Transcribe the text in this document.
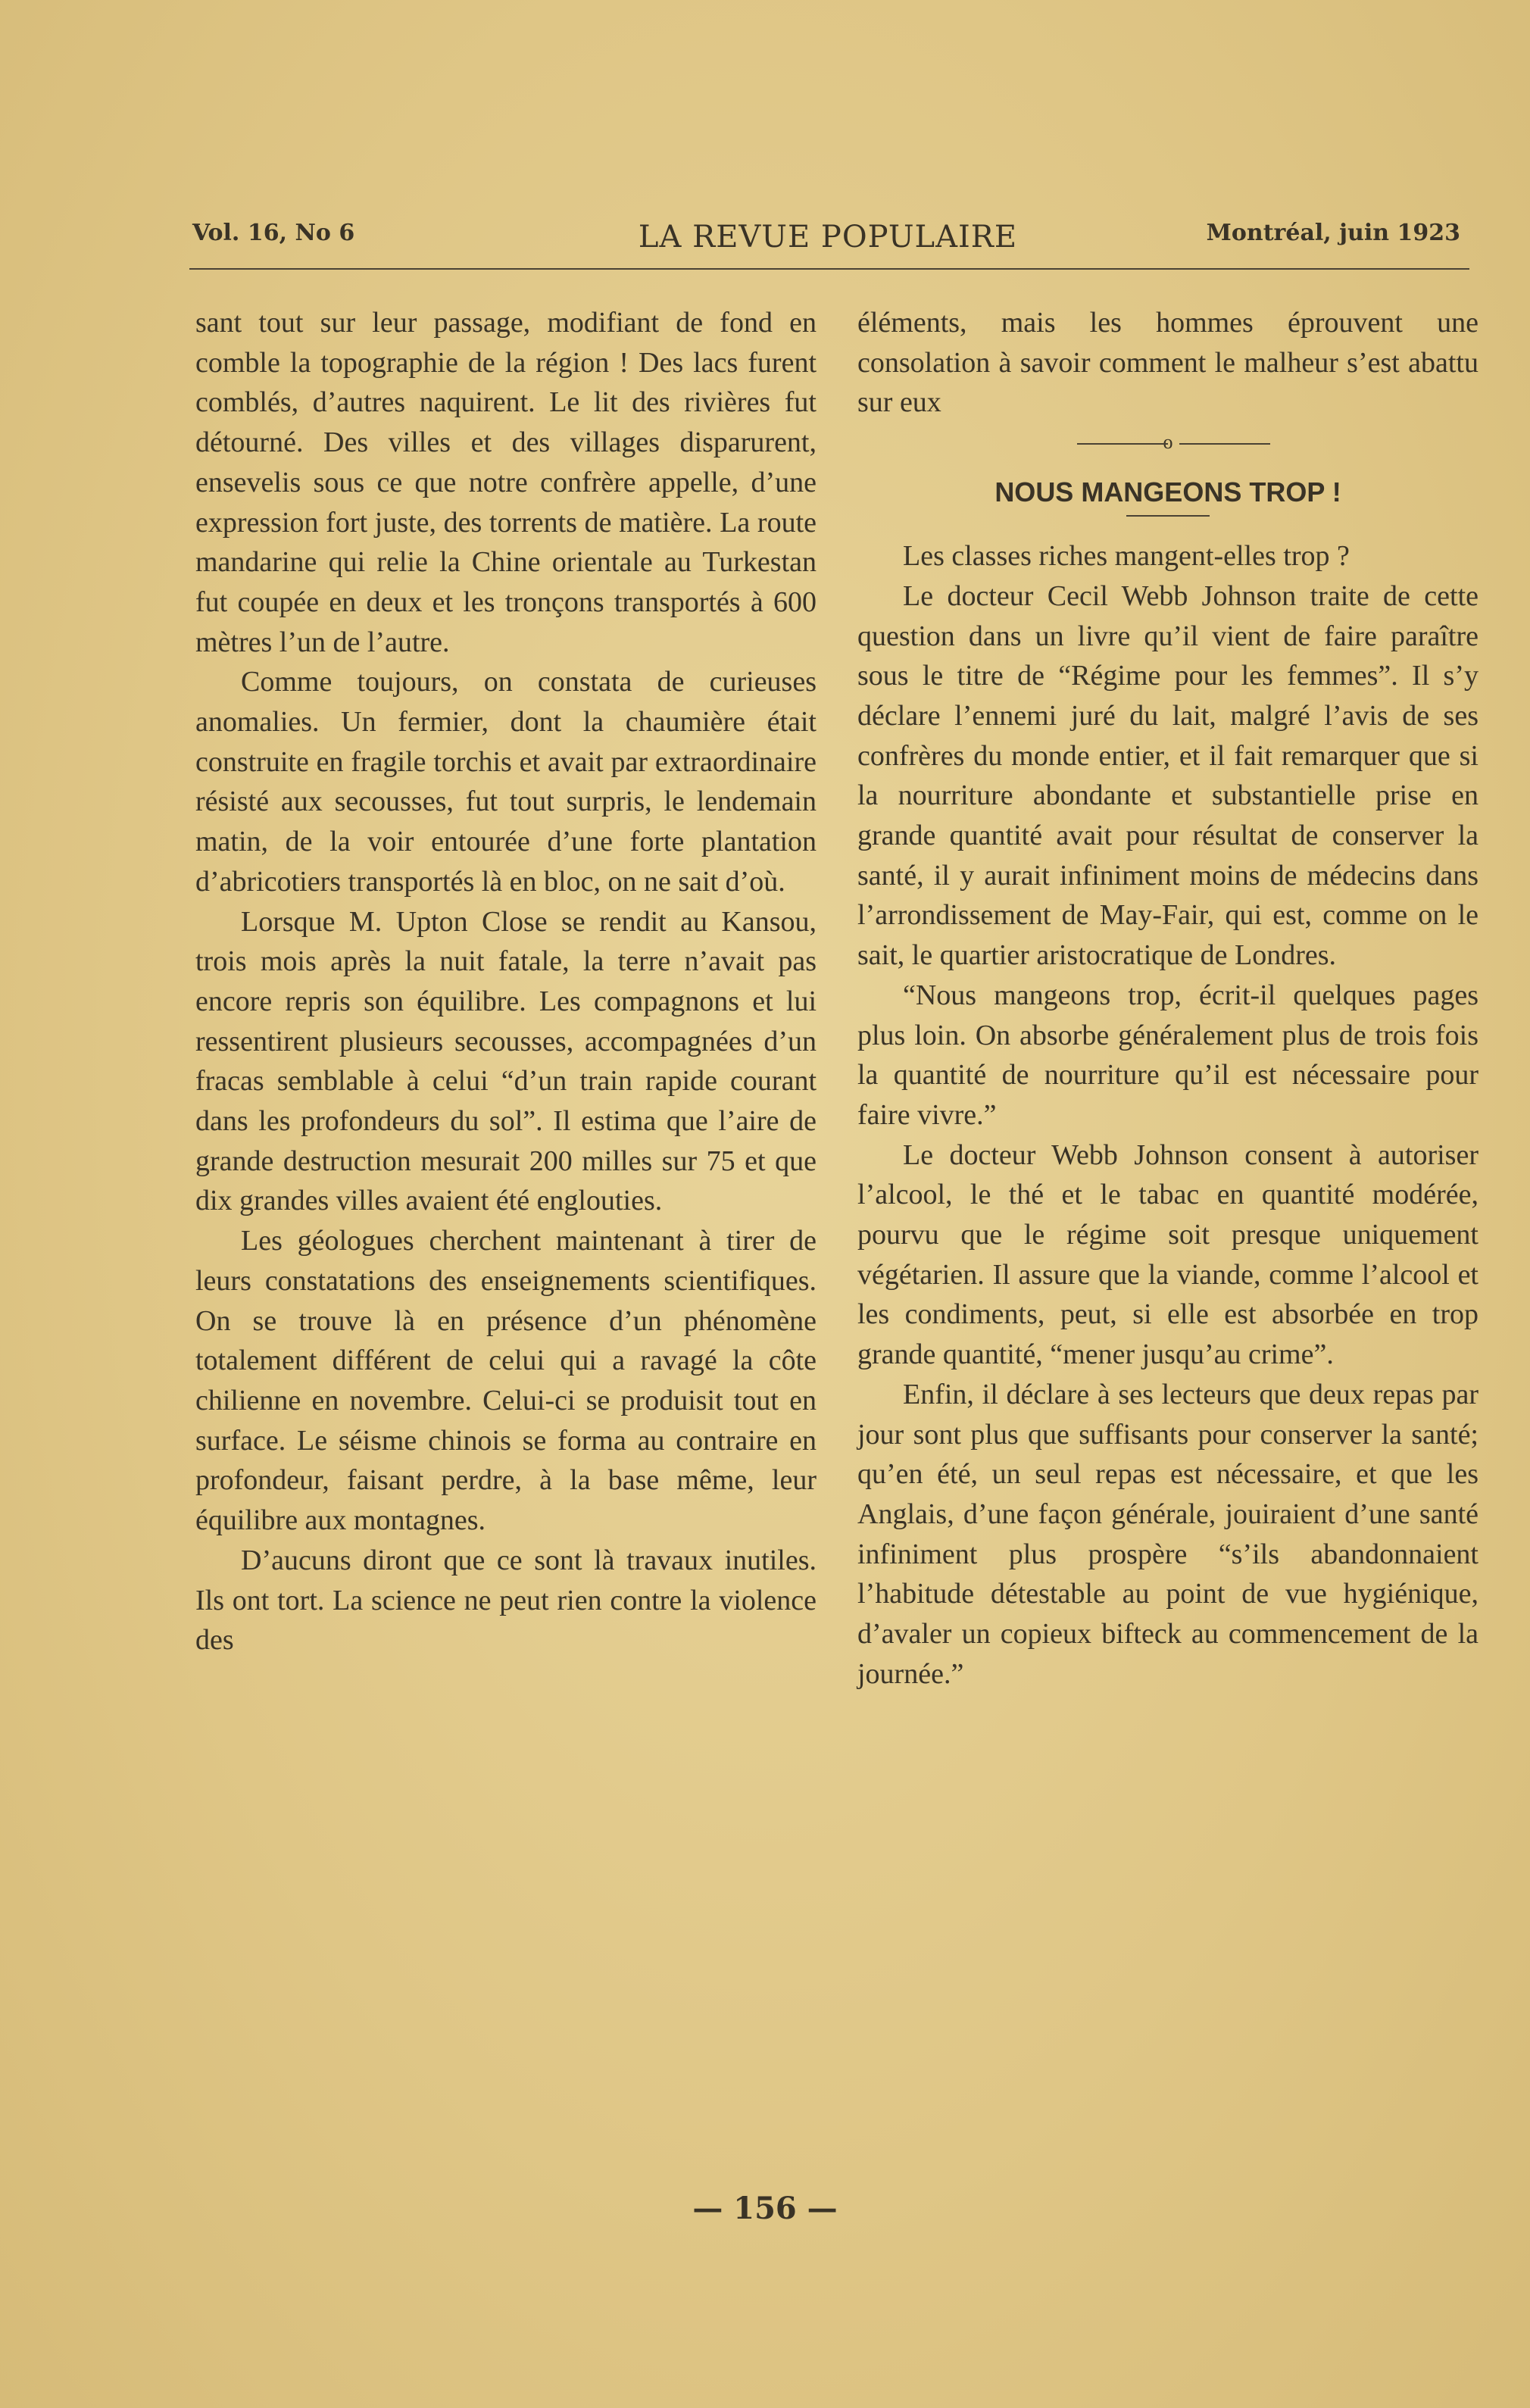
Vol. 16, No 6	LA REVUE POPULAIRE	Montréal, juin 1923

sant tout sur leur passage, modifiant de fond en comble la topographie de la région ! Des lacs furent comblés, d’autres naquirent. Le lit des rivières fut détourné. Des villes et des villages disparurent, ensevelis sous ce que notre confrère appelle, d’une expression fort juste, des torrents de matière. La route mandarine qui relie la Chine orientale au Turkestan fut coupée en deux et les tronçons transportés à 600 mètres l’un de l’autre.

Comme toujours, on constata de curieuses anomalies. Un fermier, dont la chaumière était construite en fragile torchis et avait par extraordinaire résisté aux secousses, fut tout surpris, le lendemain matin, de la voir entourée d’une forte plantation d’abricotiers transportés là en bloc, on ne sait d’où.

Lorsque M. Upton Close se rendit au Kansou, trois mois après la nuit fatale, la terre n’avait pas encore repris son équilibre. Les compagnons et lui ressentirent plusieurs secousses, accompagnées d’un fracas semblable à celui “d’un train rapide courant dans les profondeurs du sol”. Il estima que l’aire de grande destruction mesurait 200 milles sur 75 et que dix grandes villes avaient été englouties.

Les géologues cherchent maintenant à tirer de leurs constatations des enseignements scientifiques. On se trouve là en présence d’un phénomène totalement différent de celui qui a ravagé la côte chilienne en novembre. Celui-ci se produisit tout en surface. Le séisme chinois se forma au contraire en profondeur, faisant perdre, à la base même, leur équilibre aux montagnes.

D’aucuns diront que ce sont là travaux inutiles. Ils ont tort. La science ne peut rien contre la violence des

éléments, mais les hommes éprouvent une consolation à savoir comment le malheur s’est abattu sur eux

o
NOUS MANGEONS TROP !

Les classes riches mangent-elles trop ?

Le docteur Cecil Webb Johnson traite de cette question dans un livre qu’il vient de faire paraître sous le titre de “Régime pour les femmes”. Il s’y déclare l’ennemi juré du lait, malgré l’avis de ses confrères du monde entier, et il fait remarquer que si la nourriture abondante et substantielle prise en grande quantité avait pour résultat de conserver la santé, il y aurait infiniment moins de médecins dans l’arrondissement de May-Fair, qui est, comme on le sait, le quartier aristocratique de Londres.

“Nous mangeons trop, écrit-il quelques pages plus loin. On absorbe généralement plus de trois fois la quantité de nourriture qu’il est nécessaire pour faire vivre.”

Le docteur Webb Johnson consent à autoriser l’alcool, le thé et le tabac en quantité modérée, pourvu que le régime soit presque uniquement végétarien. Il assure que la viande, comme l’alcool et les condiments, peut, si elle est absorbée en trop grande quantité, “mener jusqu’au crime”.

Enfin, il déclare à ses lecteurs que deux repas par jour sont plus que suffisants pour conserver la santé; qu’en été, un seul repas est nécessaire, et que les Anglais, d’une façon générale, jouiraient d’une santé infiniment plus prospère “s’ils abandonnaient l’habitude détestable au point de vue hygiénique, d’avaler un copieux bifteck au commencement de la journée.”

— 156 —
